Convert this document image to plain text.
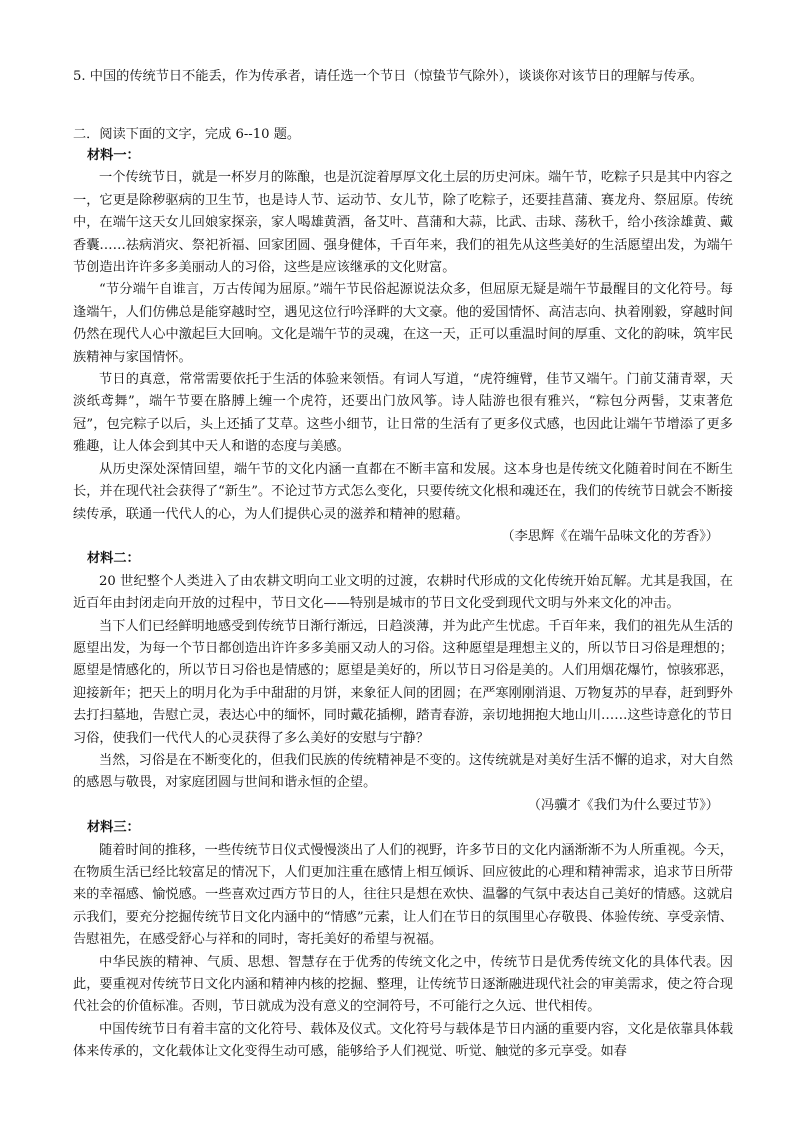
5. 中国的传统节日不能丢，作为传承者，请任选一个节日（惊蛰节气除外），谈谈你对该节日的理解与传承。

二．阅读下面的文字，完成 6--10 题。

材料一：

一个传统节日，就是一杯岁月的陈酿，也是沉淀着厚厚文化土层的历史河床。端午节，吃粽子只是其中内容之一，它更是除秽驱病的卫生节，也是诗人节、运动节、女儿节，除了吃粽子，还要挂菖蒲、赛龙舟、祭屈原。传统中，在端午这天女儿回娘家探亲，家人喝雄黄酒，备艾叶、菖蒲和大蒜，比武、击球、荡秋千，给小孩涂雄黄、戴香囊……祛病消灾、祭祀祈福、回家团圆、强身健体，千百年来，我们的祖先从这些美好的生活愿望出发，为端午节创造出许许多多美丽动人的习俗，这些是应该继承的文化财富。

“节分端午自谁言，万古传闻为屈原。”端午节民俗起源说法众多，但屈原无疑是端午节最醒目的文化符号。每逢端午，人们仿佛总是能穿越时空，遇见这位行吟泽畔的大文豪。他的爱国情怀、高洁志向、执着刚毅，穿越时间仍然在现代人心中激起巨大回响。文化是端午节的灵魂，在这一天，正可以重温时间的厚重、文化的韵味，筑牢民族精神与家国情怀。

节日的真意，常常需要依托于生活的体验来领悟。有词人写道，“虎符缠臂，佳节又端午。门前艾蒲青翠，天淡纸鸢舞”，端午节要在胳膊上缠一个虎符，还要出门放风筝。诗人陆游也很有雅兴，“粽包分两髻，艾束著危冠”，包完粽子以后，头上还插了艾草。这些小细节，让日常的生活有了更多仪式感，也因此让端午节增添了更多雅趣，让人体会到其中天人和谐的态度与美感。

从历史深处深情回望，端午节的文化内涵一直都在不断丰富和发展。这本身也是传统文化随着时间在不断生长，并在现代社会获得了“新生”。不论过节方式怎么变化，只要传统文化根和魂还在，我们的传统节日就会不断接续传承，联通一代代人的心，为人们提供心灵的滋养和精神的慰藉。

（李思辉《在端午品味文化的芳香》）

材料二：

20 世纪整个人类进入了由农耕文明向工业文明的过渡，农耕时代形成的文化传统开始瓦解。尤其是我国，在近百年由封闭走向开放的过程中，节日文化——特别是城市的节日文化受到现代文明与外来文化的冲击。

当下人们已经鲜明地感受到传统节日渐行渐远，日趋淡薄，并为此产生忧虑。千百年来，我们的祖先从生活的愿望出发，为每一个节日都创造出许许多多美丽又动人的习俗。这种愿望是理想主义的，所以节日习俗是理想的；愿望是情感化的，所以节日习俗也是情感的；愿望是美好的，所以节日习俗是美的。人们用烟花爆竹，惊骇邪恶，迎接新年；把天上的明月化为手中甜甜的月饼，来象征人间的团圆；在严寒刚刚消退、万物复苏的早春，赶到野外去打扫墓地，告慰亡灵，表达心中的缅怀，同时戴花插柳，踏青春游，亲切地拥抱大地山川……这些诗意化的节日习俗，使我们一代代人的心灵获得了多么美好的安慰与宁静？

当然，习俗是在不断变化的，但我们民族的传统精神是不变的。这传统就是对美好生活不懈的追求，对大自然的感恩与敬畏，对家庭团圆与世间和谐永恒的企望。

（冯骥才《我们为什么要过节》）

材料三：

随着时间的推移，一些传统节日仪式慢慢淡出了人们的视野，许多节日的文化内涵渐渐不为人所重视。今天，在物质生活已经比较富足的情况下，人们更加注重在感情上相互倾诉、回应彼此的心理和精神需求，追求节日所带来的幸福感、愉悦感。一些喜欢过西方节日的人，往往只是想在欢快、温馨的气氛中表达自己美好的情感。这就启示我们，要充分挖掘传统节日文化内涵中的“情感”元素，让人们在节日的氛围里心存敬畏、体验传统、享受亲情、告慰祖先，在感受舒心与祥和的同时，寄托美好的希望与祝福。

中华民族的精神、气质、思想、智慧存在于优秀的传统文化之中，传统节日是优秀传统文化的具体代表。因此，要重视对传统节日文化内涵和精神内核的挖掘、整理，让传统节日逐渐融进现代社会的审美需求，使之符合现代社会的价值标准。否则，节日就成为没有意义的空洞符号，不可能行之久远、世代相传。

中国传统节日有着丰富的文化符号、载体及仪式。文化符号与载体是节日内涵的重要内容，文化是依靠具体载体来传承的，文化载体让文化变得生动可感，能够给予人们视觉、听觉、触觉的多元享受。如春
